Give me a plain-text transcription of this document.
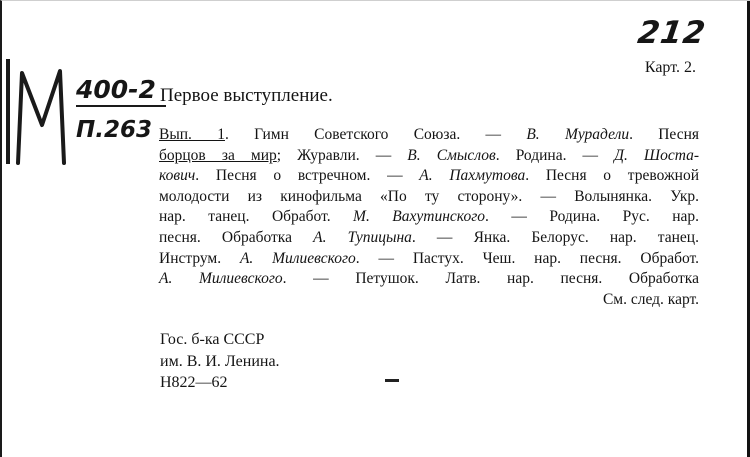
212
400-2
П.263
Карт. 2.
Первое выступление.
Вып. 1. Гимн Советского Союза. — В. Мурадели. Песня
борцов за мир; Журавли. — В. Смыслов. Родина. — Д. Шоста-
кович. Песня о встречном. — А. Пахмутова. Песня о тревожной
молодости из кинофильма «По ту сторону». — Волынянка. Укр.
нар. танец. Обработ. М. Вахутинского. — Родина. Рус. нар.
песня. Обработка А. Тупицына. — Янка. Белорус. нар. танец.
Инструм. А. Милиевского. — Пастух. Чеш. нар. песня. Обработ.
А. Милиевского. — Петушок. Латв. нар. песня. Обработка
См. след. карт.
Гос. б-ка СССР
им. В. И. Ленина.
Н822—62
